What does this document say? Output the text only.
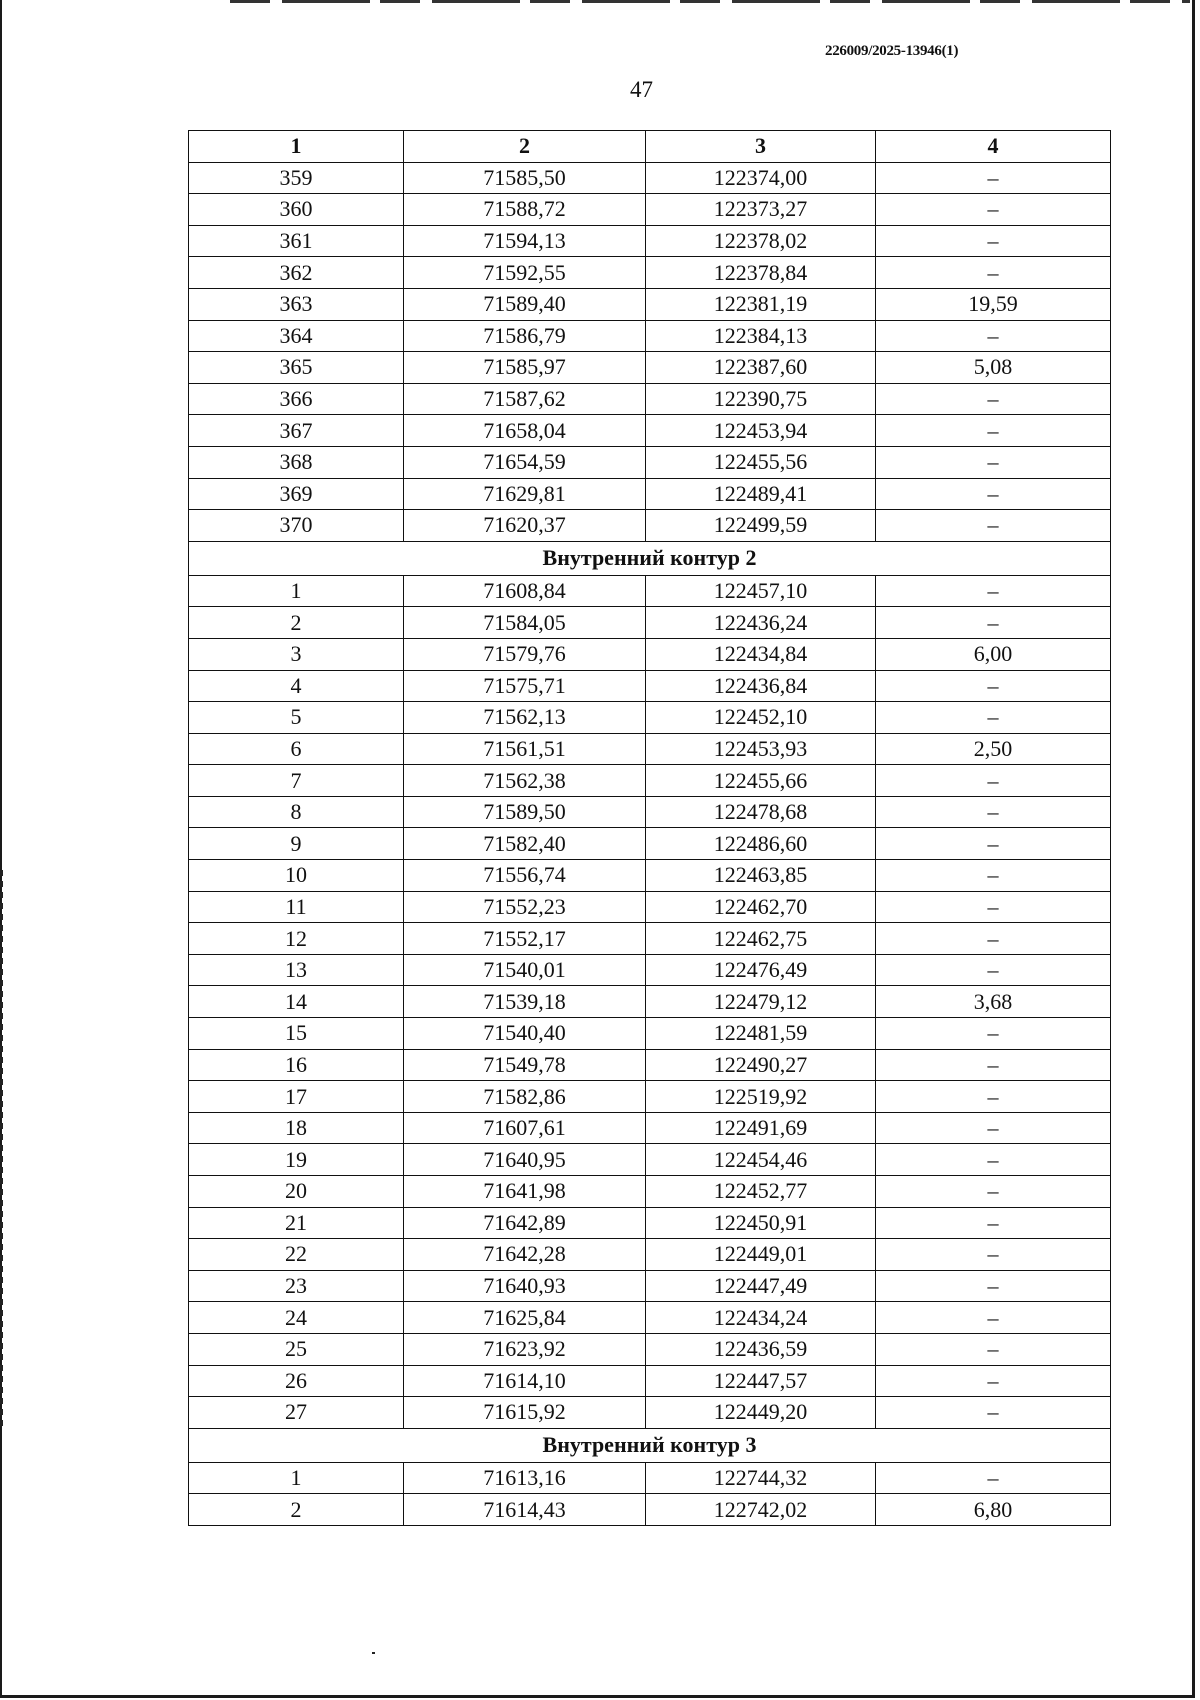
226009/2025-13946(1)
47
1	2	3	4
359	71585,50	122374,00	–
360	71588,72	122373,27	–
361	71594,13	122378,02	–
362	71592,55	122378,84	–
363	71589,40	122381,19	19,59
364	71586,79	122384,13	–
365	71585,97	122387,60	5,08
366	71587,62	122390,75	–
367	71658,04	122453,94	–
368	71654,59	122455,56	–
369	71629,81	122489,41	–
370	71620,37	122499,59	–
Внутренний контур 2			
1	71608,84	122457,10	–
2	71584,05	122436,24	–
3	71579,76	122434,84	6,00
4	71575,71	122436,84	–
5	71562,13	122452,10	–
6	71561,51	122453,93	2,50
7	71562,38	122455,66	–
8	71589,50	122478,68	–
9	71582,40	122486,60	–
10	71556,74	122463,85	–
11	71552,23	122462,70	–
12	71552,17	122462,75	–
13	71540,01	122476,49	–
14	71539,18	122479,12	3,68
15	71540,40	122481,59	–
16	71549,78	122490,27	–
17	71582,86	122519,92	–
18	71607,61	122491,69	–
19	71640,95	122454,46	–
20	71641,98	122452,77	–
21	71642,89	122450,91	–
22	71642,28	122449,01	–
23	71640,93	122447,49	–
24	71625,84	122434,24	–
25	71623,92	122436,59	–
26	71614,10	122447,57	–
27	71615,92	122449,20	–
Внутренний контур 3			
1	71613,16	122744,32	–
2	71614,43	122742,02	6,80
